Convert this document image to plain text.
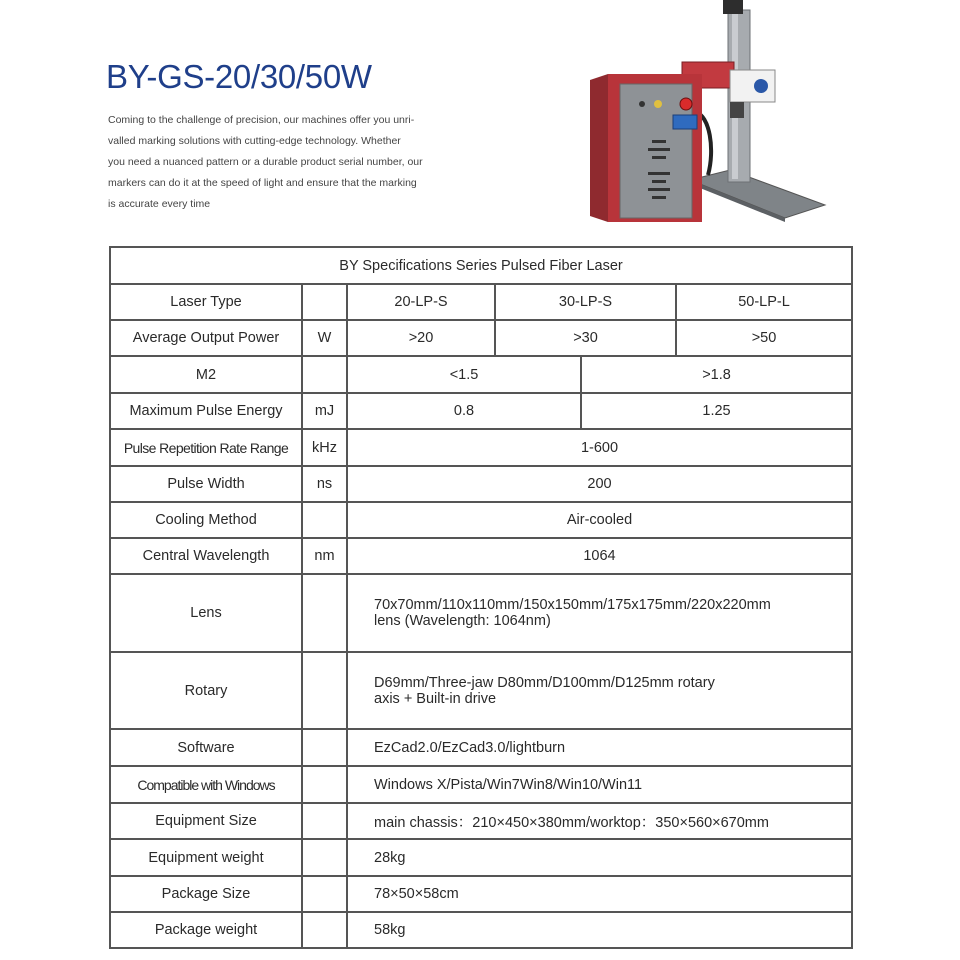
BY-GS-20/30/50W
Coming to the challenge of precision, our machines offer you unri-
valled marking solutions with cutting-edge technology. Whether
you need a nuanced pattern or a durable product serial number, our
markers can do it at the speed of light and ensure that the marking
is accurate every time
BY Specifications Series Pulsed Fiber Laser					
Laser Type		20-LP-S	30-LP-S		50-LP-L
Average Output Power	W	>20	>30		>50
M2		<1.5		>1.8	
Maximum Pulse Energy	mJ	0.8		1.25	
Pulse Repetition Rate Range	kHz	1-600			
Pulse Width	ns	200			
Cooling Method		Air-cooled			
Central Wavelength	nm	1064			
Lens		70x70mm/110x110mm/150x150mm/175x175mm/220x220mm
lens (Wavelength: 1064nm)			

Rotary		D69mm/Three-jaw D80mm/D100mm/D125mm rotary
axis + Built-in drive			

Software		EzCad2.0/EzCad3.0/lightburn			
Compatible with Windows		Windows X/Pista/Win7Win8/Win10/Win11			
Equipment Size		main chassis：210×450×380mm/worktop：350×560×670mm			
Equipment weight		28kg			
Package Size		78×50×58cm			
Package weight		58kg			
